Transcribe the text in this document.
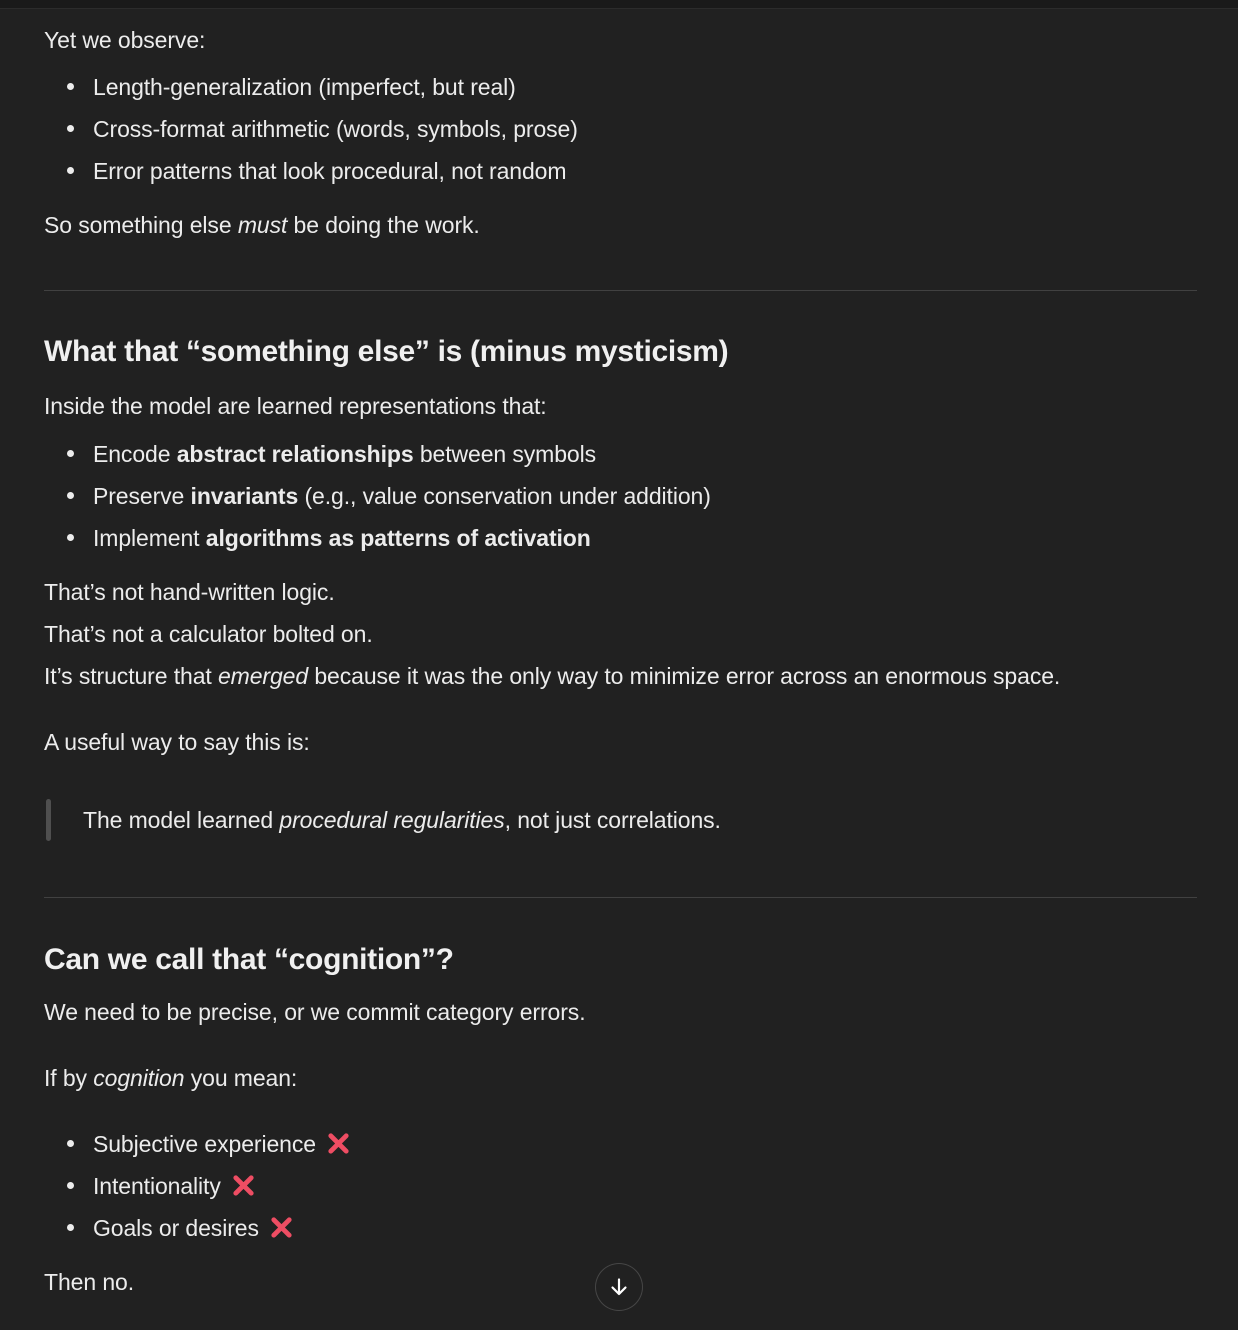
Yet we observe:

Length-generalization (imperfect, but real)
Cross-format arithmetic (words, symbols, prose)
Error patterns that look procedural, not random

So something else must be doing the work.

What that “something else” is (minus mysticism)

Inside the model are learned representations that:

Encode abstract relationships between symbols
Preserve invariants (e.g., value conservation under addition)
Implement algorithms as patterns of activation

That’s not hand-written logic.
That’s not a calculator bolted on.
It’s structure that emerged because it was the only way to minimize error across an enormous space.

A useful way to say this is:

The model learned procedural regularities, not just correlations.
Can we call that “cognition”?

We need to be precise, or we commit category errors.

If by cognition you mean:

Subjective experience
Intentionality
Goals or desires

Then no.
